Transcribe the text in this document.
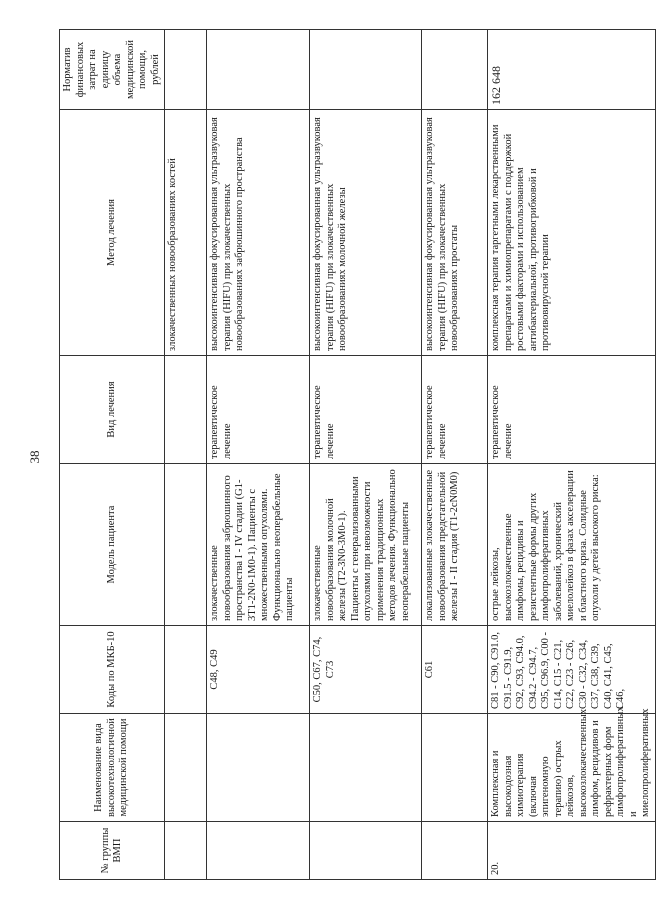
38
№ группы ВМП	Наименование вида высокотехнологичной медицинской помощи	Коды по МКБ-10	Модель пациента	Вид лечения	Метод лечения	Норматив финансовых затрат на единицу объема медицинской помощи, рублей
					злокачественных новообразованиях костей	
		C48, C49	злокачественные новообразования забрюшинного пространства I - IV стадии (G1-3T1-2N0-1M0-1). Пациенты с множественными опухолями. Функционально неоперабельные пациенты	терапевтическое лечение	высокоинтенсивная фокусированная ультразвуковая терапия (HIFU) при злокачественных новообразованиях забрюшинного пространства	
		C50, C67, C74, C73	злокачественные новообразования молочной железы (T2-3N0-3M0-1). Пациенты с генерализованными опухолями при невозможности применения традиционных методов лечения. Функционально неоперабельные пациенты	терапевтическое лечение	высокоинтенсивная фокусированная ультразвуковая терапия (HIFU) при злокачественных новообразованиях молочной железы	
		C61	локализованные злокачественные новообразования предстательной железы I - II стадия (T1-2cN0M0)	терапевтическое лечение	высокоинтенсивная фокусированная ультразвуковая терапия (HIFU) при злокачественных новообразованиях простаты	
20.	Комплексная и высокодозная химиотерапия (включая эпигеномную терапию) острых лейкозов, высокозлокачественных лимфом, рецидивов и рефрактерных форм лимфопролиферативных и миелопролиферативных	C81 - C90, C91.0, C91.5 - C91.9, C92, C93, C94.0, C94.2 - C94.7, C95, C96.9, C00 - C14, C15 - C21, C22, C23 - C26, C30 - C32, C34, C37, C38, C39, C40, C41, C45, C46,	острые лейкозы, высокозлокачественные лимфомы, рецидивы и резистентные формы других лимфопролиферативных заболеваний, хронический миелолейкоз в фазах акселерации и бластного криза. Солидные опухоли у детей высокого риска:	терапевтическое лечение	комплексная терапия таргетными лекарственными препаратами и химиопрепаратами с поддержкой ростовыми факторами и использованием антибактериальной, противогрибковой и противовирусной терапии	162 648
